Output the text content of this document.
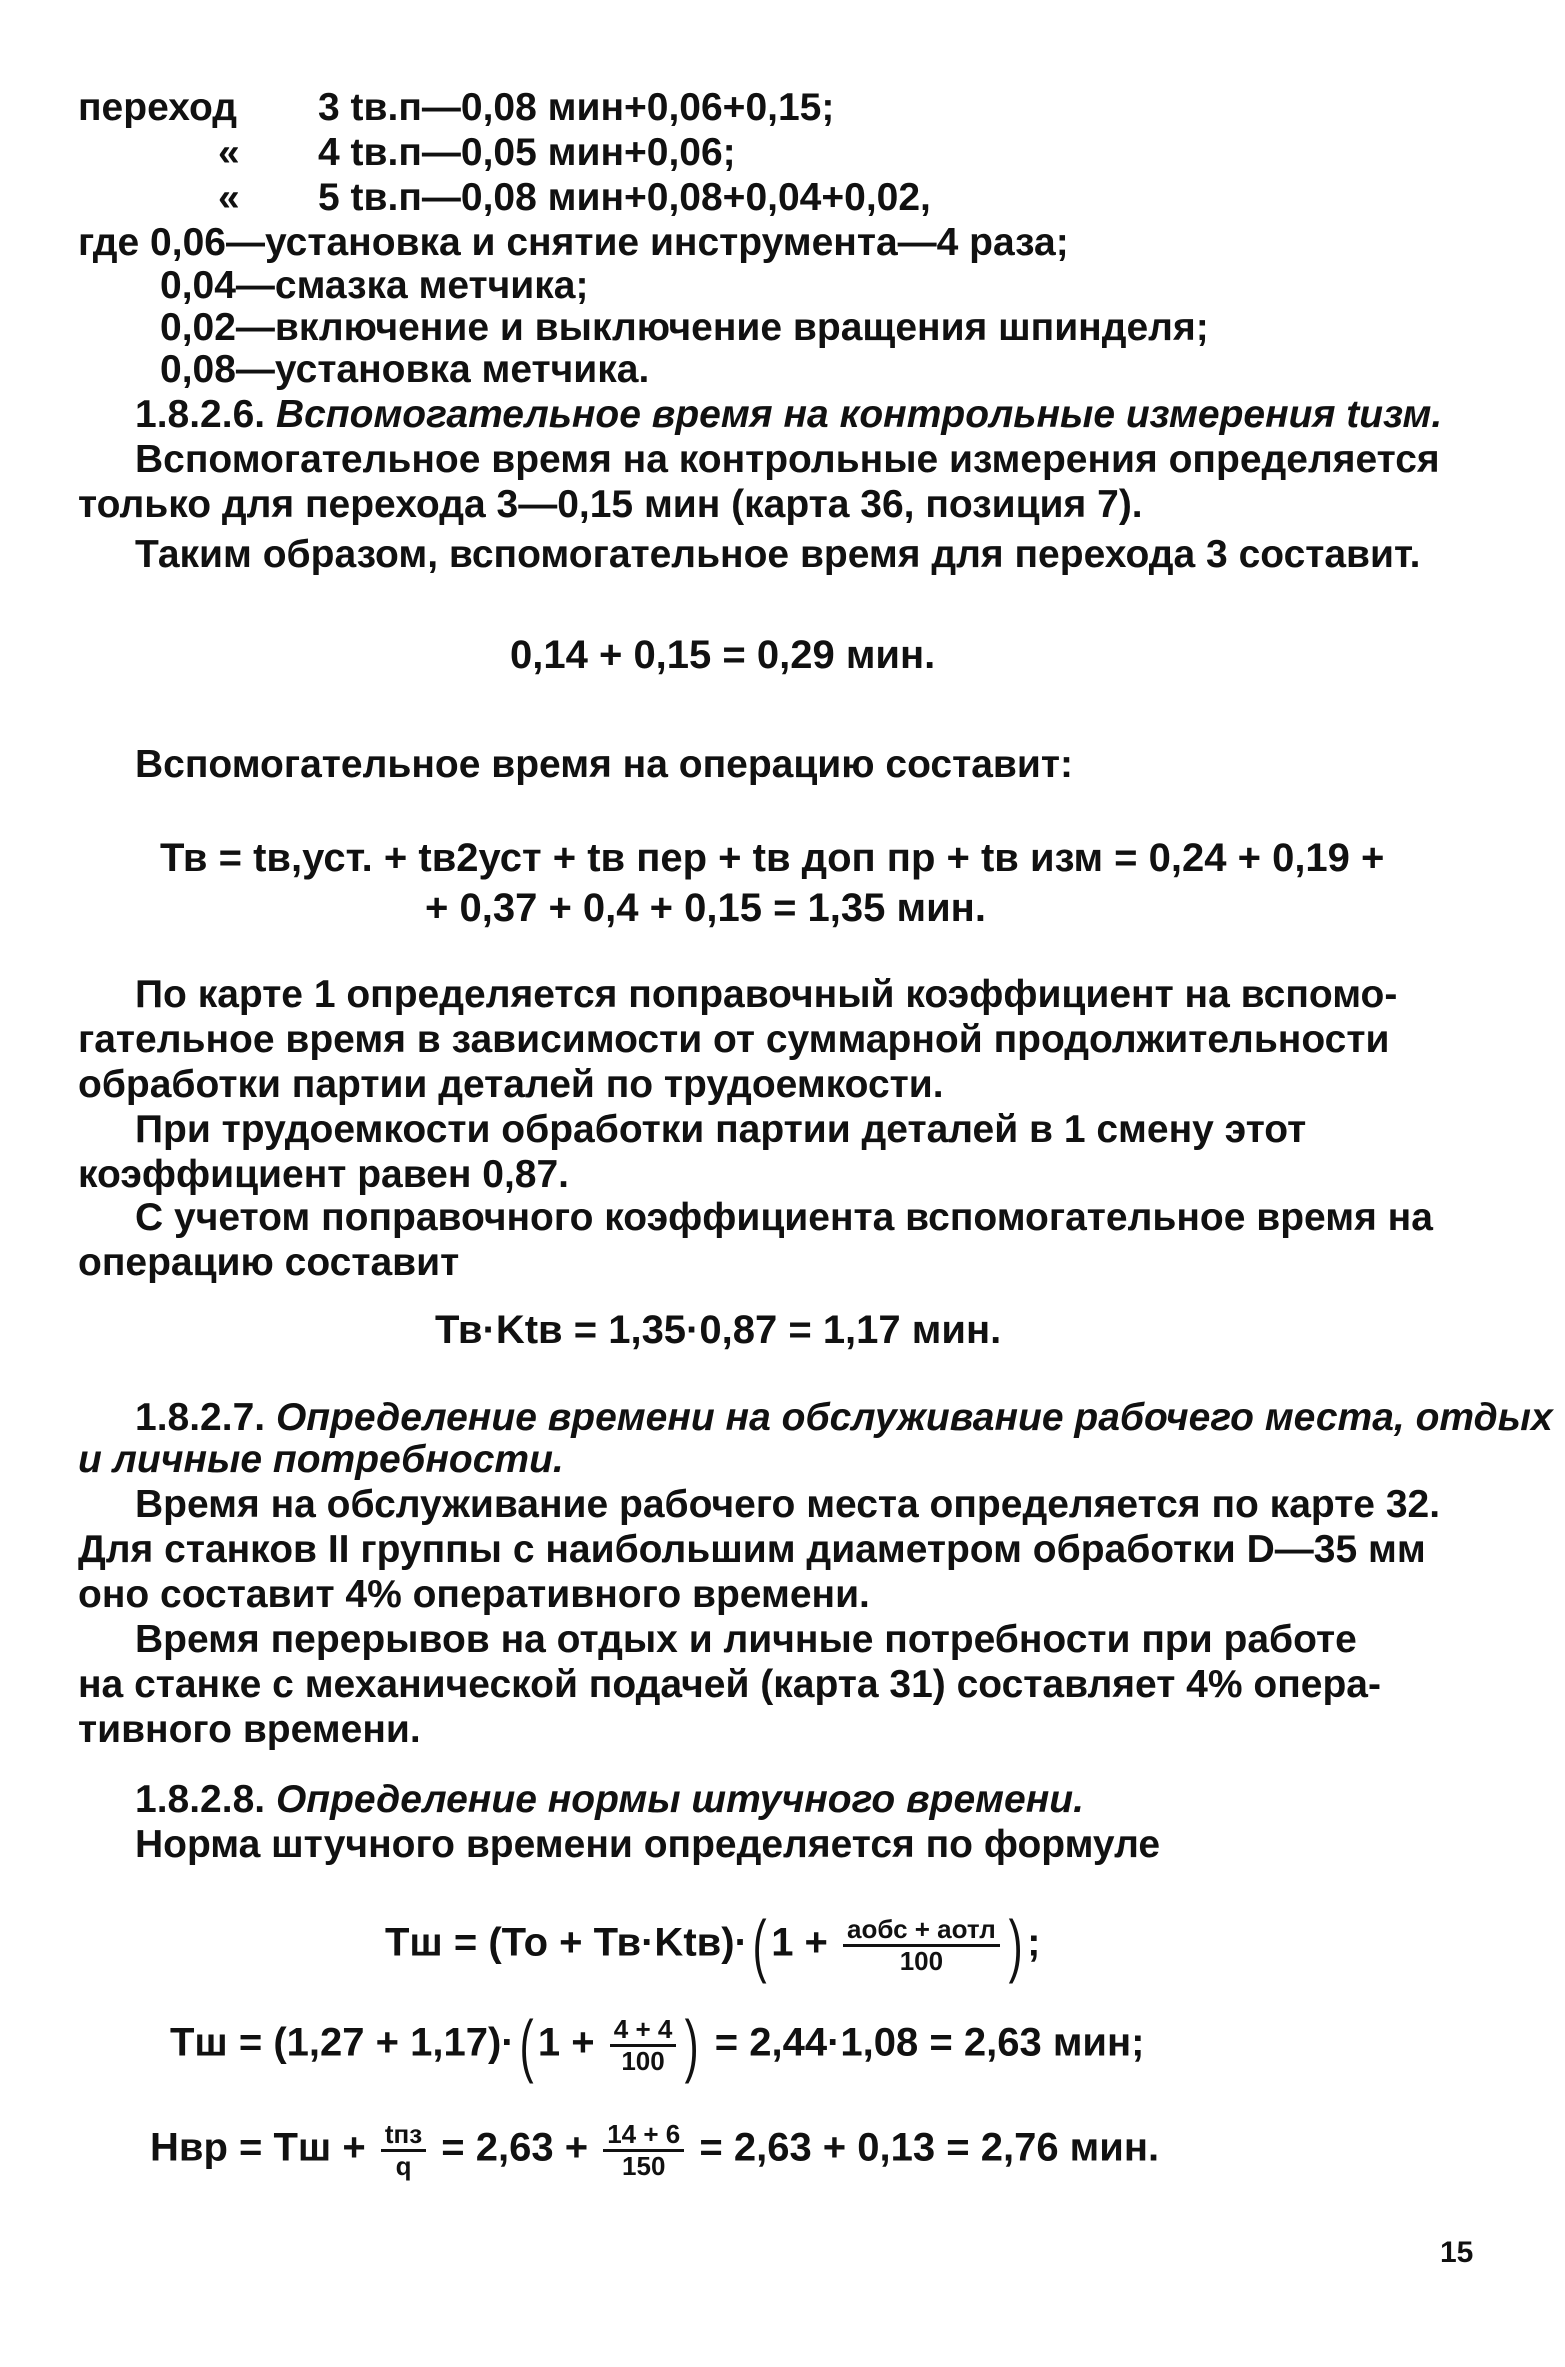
переход 3 tв.п—0,08 мин+0,06+0,15;
« 4 tв.п—0,05 мин+0,06;
« 5 tв.п—0,08 мин+0,08+0,04+0,02,
где 0,06—установка и снятие инструмента—4 раза;
0,04—смазка метчика;
0,02—включение и выключение вращения шпинделя;
0,08—установка метчика.
1.8.2.6. Вспомогательное время на контрольные измерения tизм.
Вспомогательное время на контрольные измерения определяется
только для перехода 3—0,15 мин (карта 36, позиция 7).
Таким образом, вспомогательное время для перехода 3 составит.
0,14 + 0,15 = 0,29 мин.
Вспомогательное время на операцию составит:
Тв = tв,уст. + tв2уст + tв пер + tв доп пр + tв изм = 0,24 + 0,19 +
+ 0,37 + 0,4 + 0,15 = 1,35 мин.
По карте 1 определяется поправочный коэффициент на вспомо-
гательное время в зависимости от суммарной продолжительности
обработки партии деталей по трудоемкости.
При трудоемкости обработки партии деталей в 1 смену этот
коэффициент равен 0,87.
С учетом поправочного коэффициента вспомогательное время на
операцию составит
Тв·Ktв = 1,35·0,87 = 1,17 мин.
1.8.2.7. Определение времени на обслуживание рабочего места, отдых
и личные потребности.
Время на обслуживание рабочего места определяется по карте 32.
Для станков II группы с наибольшим диаметром обработки D—35 мм
оно составит 4% оперативного времени.
Время перерывов на отдых и личные потребности при работе
на станке с механической подачей (карта 31) составляет 4% опера-
тивного времени.
1.8.2.8. Определение нормы штучного времени.
Норма штучного времени определяется по формуле
Тш = (То + Тв·Ktв)·( $1 + \frac{\text{aобс + aотл}}{100}$ ) ;
Тш = (1,27 + 1,17)·( $1 + \frac{4 + 4}{100}$ ) = 2,44·1,08 = 2,63 мин;
Нвр = Тш + $\frac{\text{tпз}}{q} = 2,63 + \frac{14 + 6}{150} = 2,63 + 0,13 = 2,76$ мин.
15
